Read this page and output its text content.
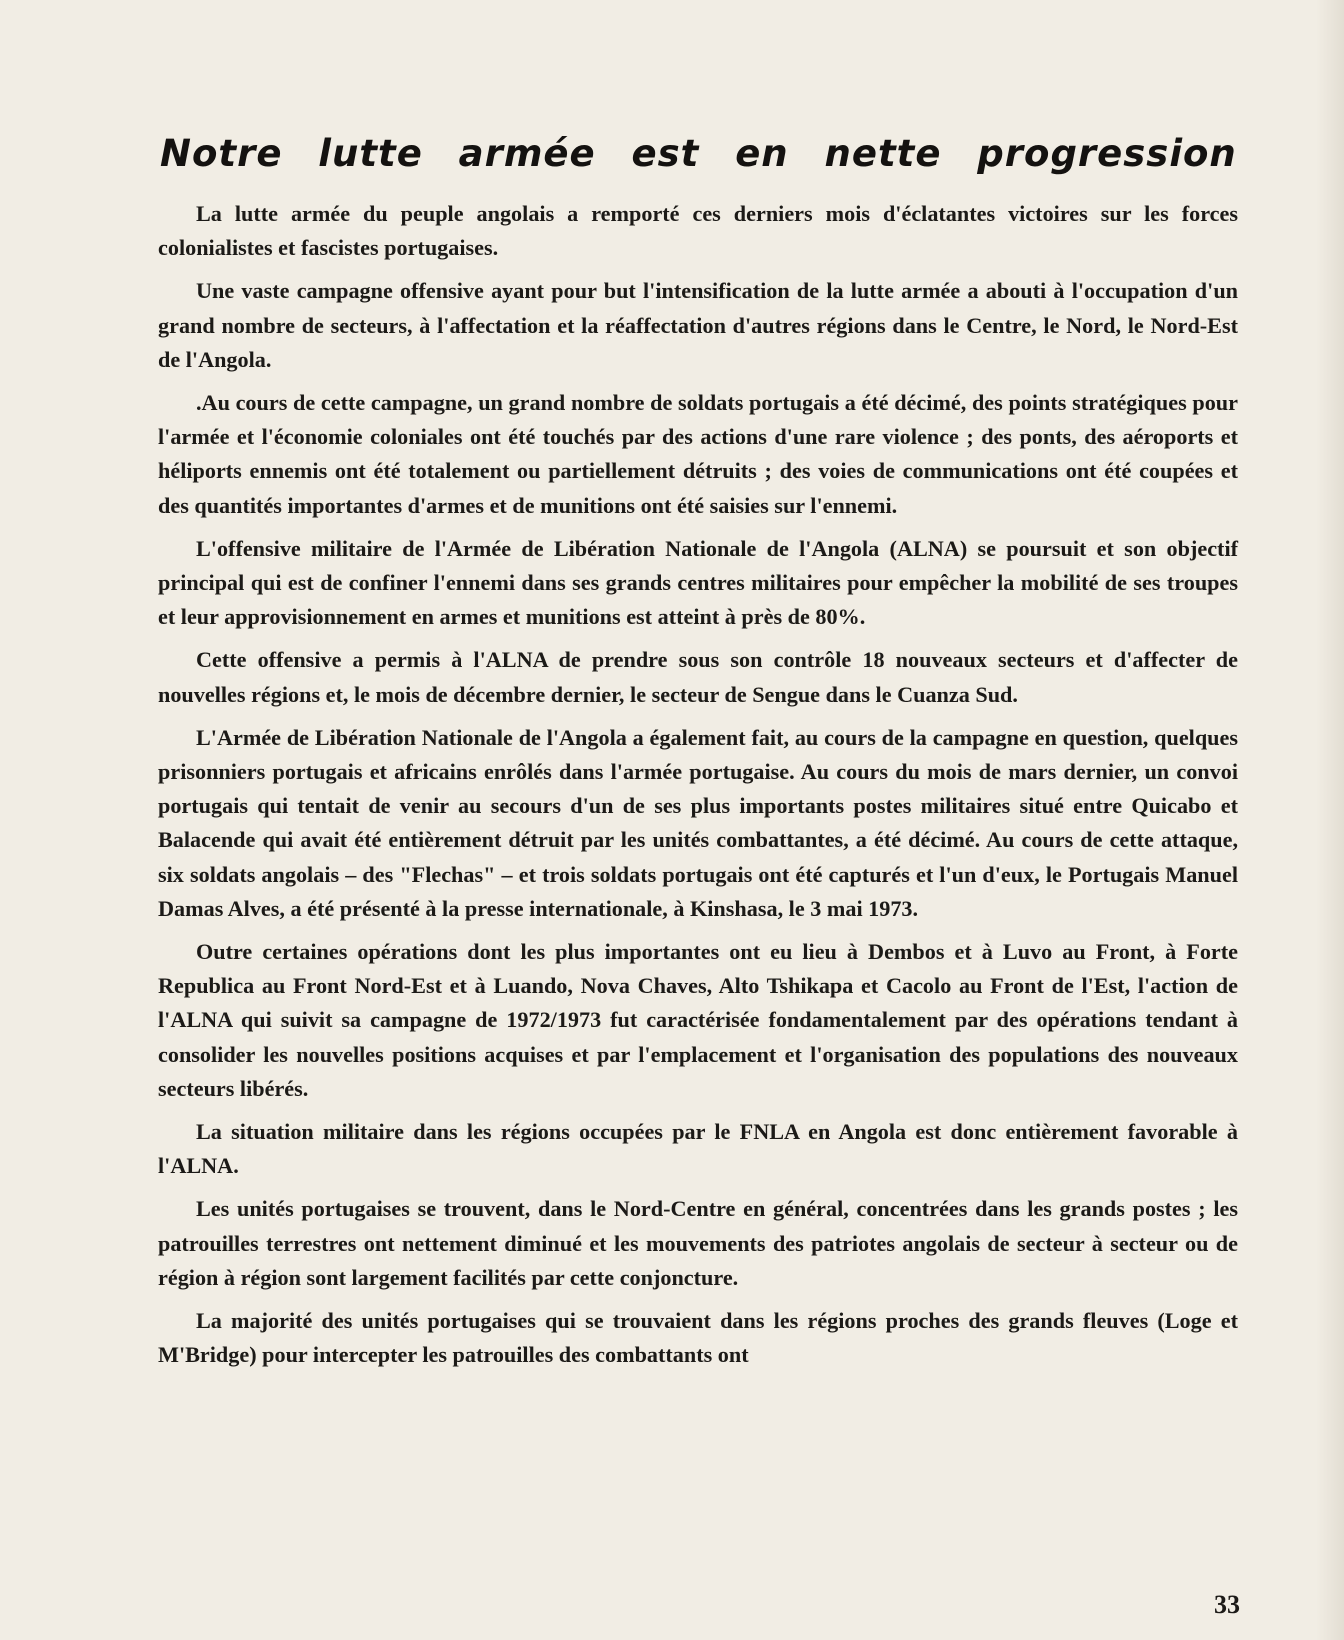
Notre lutte armée est en nette progression

La lutte armée du peuple angolais a remporté ces derniers mois d'éclatantes victoires sur les forces colonialistes et fascistes portugaises.

Une vaste campagne offensive ayant pour but l'intensification de la lutte armée a abouti à l'occupation d'un grand nombre de secteurs, à l'affectation et la réaffectation d'autres régions dans le Centre, le Nord, le Nord-Est de l'Angola.

.Au cours de cette campagne, un grand nombre de soldats portugais a été décimé, des points stratégiques pour l'armée et l'économie coloniales ont été touchés par des actions d'une rare violence ; des ponts, des aéroports et héliports ennemis ont été totalement ou partiellement détruits ; des voies de communications ont été coupées et des quantités importantes d'armes et de munitions ont été saisies sur l'ennemi.

L'offensive militaire de l'Armée de Libération Nationale de l'Angola (ALNA) se poursuit et son objectif principal qui est de confiner l'ennemi dans ses grands centres militaires pour empêcher la mobilité de ses troupes et leur approvisionnement en armes et munitions est atteint à près de 80%.

Cette offensive a permis à l'ALNA de prendre sous son contrôle 18 nouveaux secteurs et d'affecter de nouvelles régions et, le mois de décembre dernier, le secteur de Sengue dans le Cuanza Sud.

L'Armée de Libération Nationale de l'Angola a également fait, au cours de la campagne en question, quelques prisonniers portugais et africains enrôlés dans l'armée portugaise. Au cours du mois de mars dernier, un convoi portugais qui tentait de venir au secours d'un de ses plus importants postes militaires situé entre Quicabo et Balacende qui avait été entièrement détruit par les unités combattantes, a été décimé. Au cours de cette attaque, six soldats angolais – des "Flechas" – et trois soldats portugais ont été capturés et l'un d'eux, le Portugais Manuel Damas Alves, a été présenté à la presse internationale, à Kinshasa, le 3 mai 1973.

Outre certaines opérations dont les plus importantes ont eu lieu à Dembos et à Luvo au Front, à Forte Republica au Front Nord-Est et à Luando, Nova Chaves, Alto Tshikapa et Cacolo au Front de l'Est, l'action de l'ALNA qui suivit sa campagne de 1972/1973 fut caractérisée fondamentalement par des opérations tendant à consolider les nouvelles positions acquises et par l'emplacement et l'organisation des populations des nouveaux secteurs libérés.

La situation militaire dans les régions occupées par le FNLA en Angola est donc entièrement favorable à l'ALNA.

Les unités portugaises se trouvent, dans le Nord-Centre en général, concentrées dans les grands postes ; les patrouilles terrestres ont nettement diminué et les mouvements des patriotes angolais de secteur à secteur ou de région à région sont largement facilités par cette conjoncture.

La majorité des unités portugaises qui se trouvaient dans les régions proches des grands fleuves (Loge et M'Bridge) pour intercepter les patrouilles des combattants ont

33
